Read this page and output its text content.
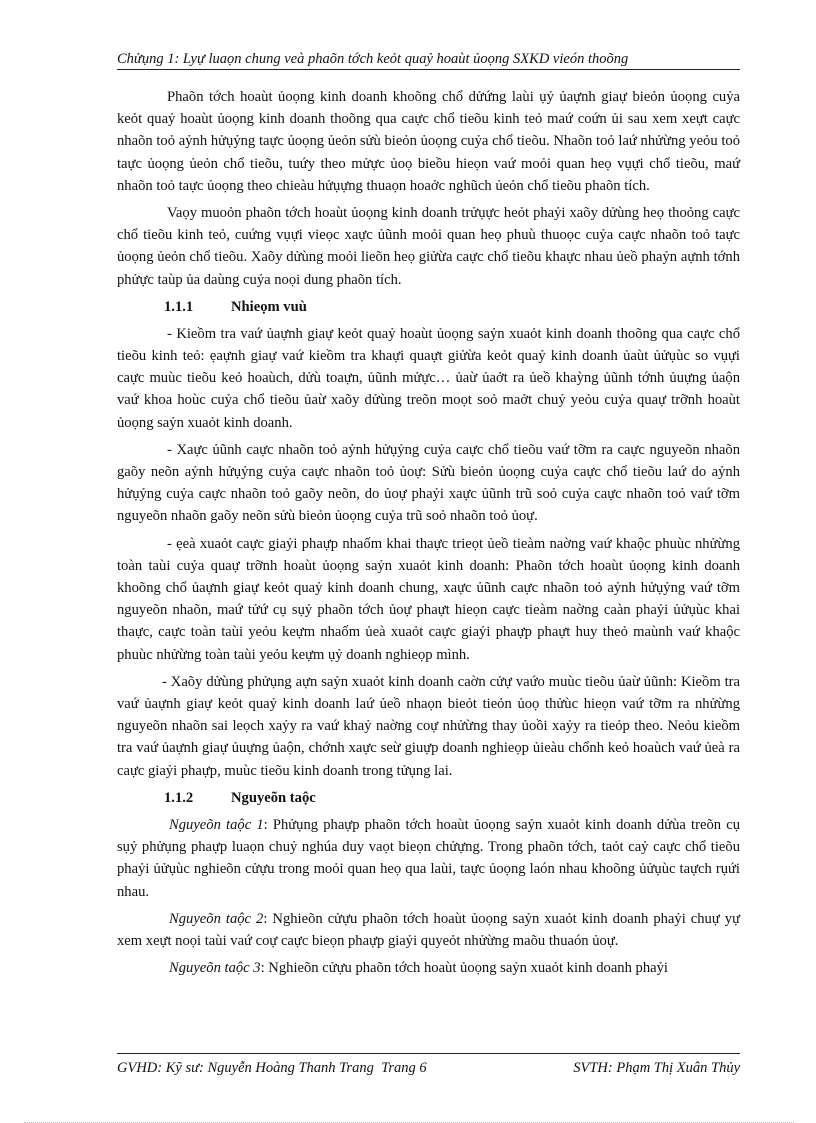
Chửụng 1: Lyự luaọn chung veà phaõn tớch keỏt quaỷ hoaùt ủoọng SXKD vieón thoõng

Phaõn tớch hoaùt ủoọng kinh doanh khoõng chổ dửứng laùi ụỷ ủaựnh giaự bieỏn ủoọng cuỷa keỏt quaỷ hoaùt ủoọng kinh doanh thoõng qua caực chổ tieõu kinh teỏ maứ coứn ủi sau xem xeựt caực nhaõn toỏ aỷnh hửụỷng taực ủoọng ủeỏn sửù bieỏn ủoọng cuỷa chổ tieõu. Nhaõn toỏ laứ nhửừng yeỏu toỏ taực ủoọng ủeỏn chổ tieõu, tuứy theo mửực ủoọ bieồu hieọn vaứ moỏi quan heọ vụựi chổ tieõu, maứ nhaõn toỏ taực ủoọng theo chieàu hửụựng thuaọn hoaởc nghũch ủeỏn chổ tieõu phaõn tích.

Vaọy muoỏn phaõn tớch hoaùt ủoọng kinh doanh trửụực heỏt phaỷi xaõy dửùng heọ thoỏng caực chổ tieõu kinh teỏ, cuứng vụựi vieọc xaực ủũnh moỏi quan heọ phuù thuoọc cuỷa caực nhaõn toỏ taực ủoọng ủeỏn chổ tieõu. Xaõy dửùng moỏi lieõn heọ giửừa caực chổ tieõu khaực nhau ủeồ phaỷn aựnh tớnh phửực taùp ủa daùng cuỷa noọi dung phaõn tích.

1.1.1	Nhieọm vuù

- Kieồm tra vaứ ủaựnh giaự keỏt quaỷ hoaùt ủoọng saỷn xuaỏt kinh doanh thoõng qua caực chổ tieõu kinh teỏ: ẹaựnh giaự vaứ kieồm tra khaựi quaựt giửừa keỏt quaỷ kinh doanh ủaùt ủửụùc so vụựi caực muùc tieõu keỏ hoaùch, dửù toaựn, ủũnh mửực… ủaừ ủaởt ra ủeồ khaỳng ủũnh tớnh ủuựng ủaộn vaứ khoa hoùc cuỷa chổ tieõu ủaừ xaõy dửùng treõn moọt soỏ maởt chuỷ yeỏu cuỷa quaự trỡnh hoaùt ủoọng saỷn xuaỏt kinh doanh.

- Xaực ủũnh caực nhaõn toỏ aỷnh hửụỷng cuỷa caực chổ tieõu vaứ tỡm ra caực nguyeõn nhaõn gaõy neõn aỷnh hửụỷng cuỷa caực nhaõn toỏ ủoự: Sửù bieỏn ủoọng cuỷa caực chổ tieõu laứ do aỷnh hửụỷng cuỷa caực nhaõn toỏ gaõy neõn, do ủoự phaỷi xaực ủũnh trũ soỏ cuỷa caực nhaõn toỏ vaứ tỡm nguyeõn nhaõn gaõy neõn sửù bieỏn ủoọng cuỷa trũ soỏ nhaõn toỏ ủoự.

- ẹeà xuaỏt caực giaỷi phaựp nhaốm khai thaực trieọt ủeồ tieàm naờng vaứ khaộc phuùc nhửừng toàn taùi cuỷa quaự trỡnh hoaùt ủoọng saỷn xuaỏt kinh doanh: Phaõn tớch hoaùt ủoọng kinh doanh khoõng chổ ủaựnh giaự keỏt quaỷ kinh doanh chung, xaực ủũnh caực nhaõn toỏ aỷnh hửụỷng vaứ tỡm nguyeõn nhaõn, maứ tửứ cụ sụỷ phaõn tớch ủoự phaựt hieọn caực tieàm naờng caàn phaỷi ủửụùc khai thaực, caực toàn taùi yeỏu keựm nhaốm ủeà xuaỏt caực giaỷi phaựp phaựt huy theỏ maùnh vaứ khaộc phuùc nhửừng toàn taùi yeỏu keựm ụỷ doanh nghieọp mình.

- Xaõy dửùng phửụng aựn saỷn xuaỏt kinh doanh caờn cửự vaứo muùc tieõu ủaừ ủũnh: Kieồm tra vaứ ủaựnh giaự keỏt quaỷ kinh doanh laứ ủeồ nhaọn bieỏt tieỏn ủoọ thửùc hieọn vaứ tỡm ra nhửừng nguyeõn nhaõn sai leọch xaỷy ra vaứ khaỷ naờng coự nhửừng thay ủoồi xaỷy ra tieỏp theo. Neỏu kieồm tra vaứ ủaựnh giaự ủuựng ủaộn, chớnh xaực seừ giuựp doanh nghieọp ủieàu chổnh keỏ hoaùch vaứ ủeà ra caực giaỷi phaựp, muùc tieõu kinh doanh trong tửụng lai.

1.1.2	Nguyeõn taộc

Nguyeõn taộc 1: Phửụng phaựp phaõn tớch hoaùt ủoọng saỷn xuaỏt kinh doanh dửùa treõn cụ sụỷ phửụng phaựp luaọn chuỷ nghúa duy vaọt bieọn chửựng. Trong phaõn tớch, taỏt caỷ caực chổ tieõu phaỷi ủửụùc nghieõn cửựu trong moỏi quan heọ qua laùi, taực ủoọng laón nhau khoõng ủửụùc taựch rụứi nhau.

Nguyeõn taộc 2: Nghieõn cửựu phaõn tớch hoaùt ủoọng saỷn xuaỏt kinh doanh phaỷi chuự yự xem xeựt noọi taùi vaứ coự caực bieọn phaựp giaỷi quyeỏt nhửừng maõu thuaón ủoự.

Nguyeõn taộc 3: Nghieõn cửựu phaõn tớch hoaùt ủoọng saỷn xuaỏt kinh doanh phaỷi

GVHD: Kỹ sư: Nguyễn Hoàng Thanh Trang Trang 6	SVTH: Phạm Thị Xuân Thủy
